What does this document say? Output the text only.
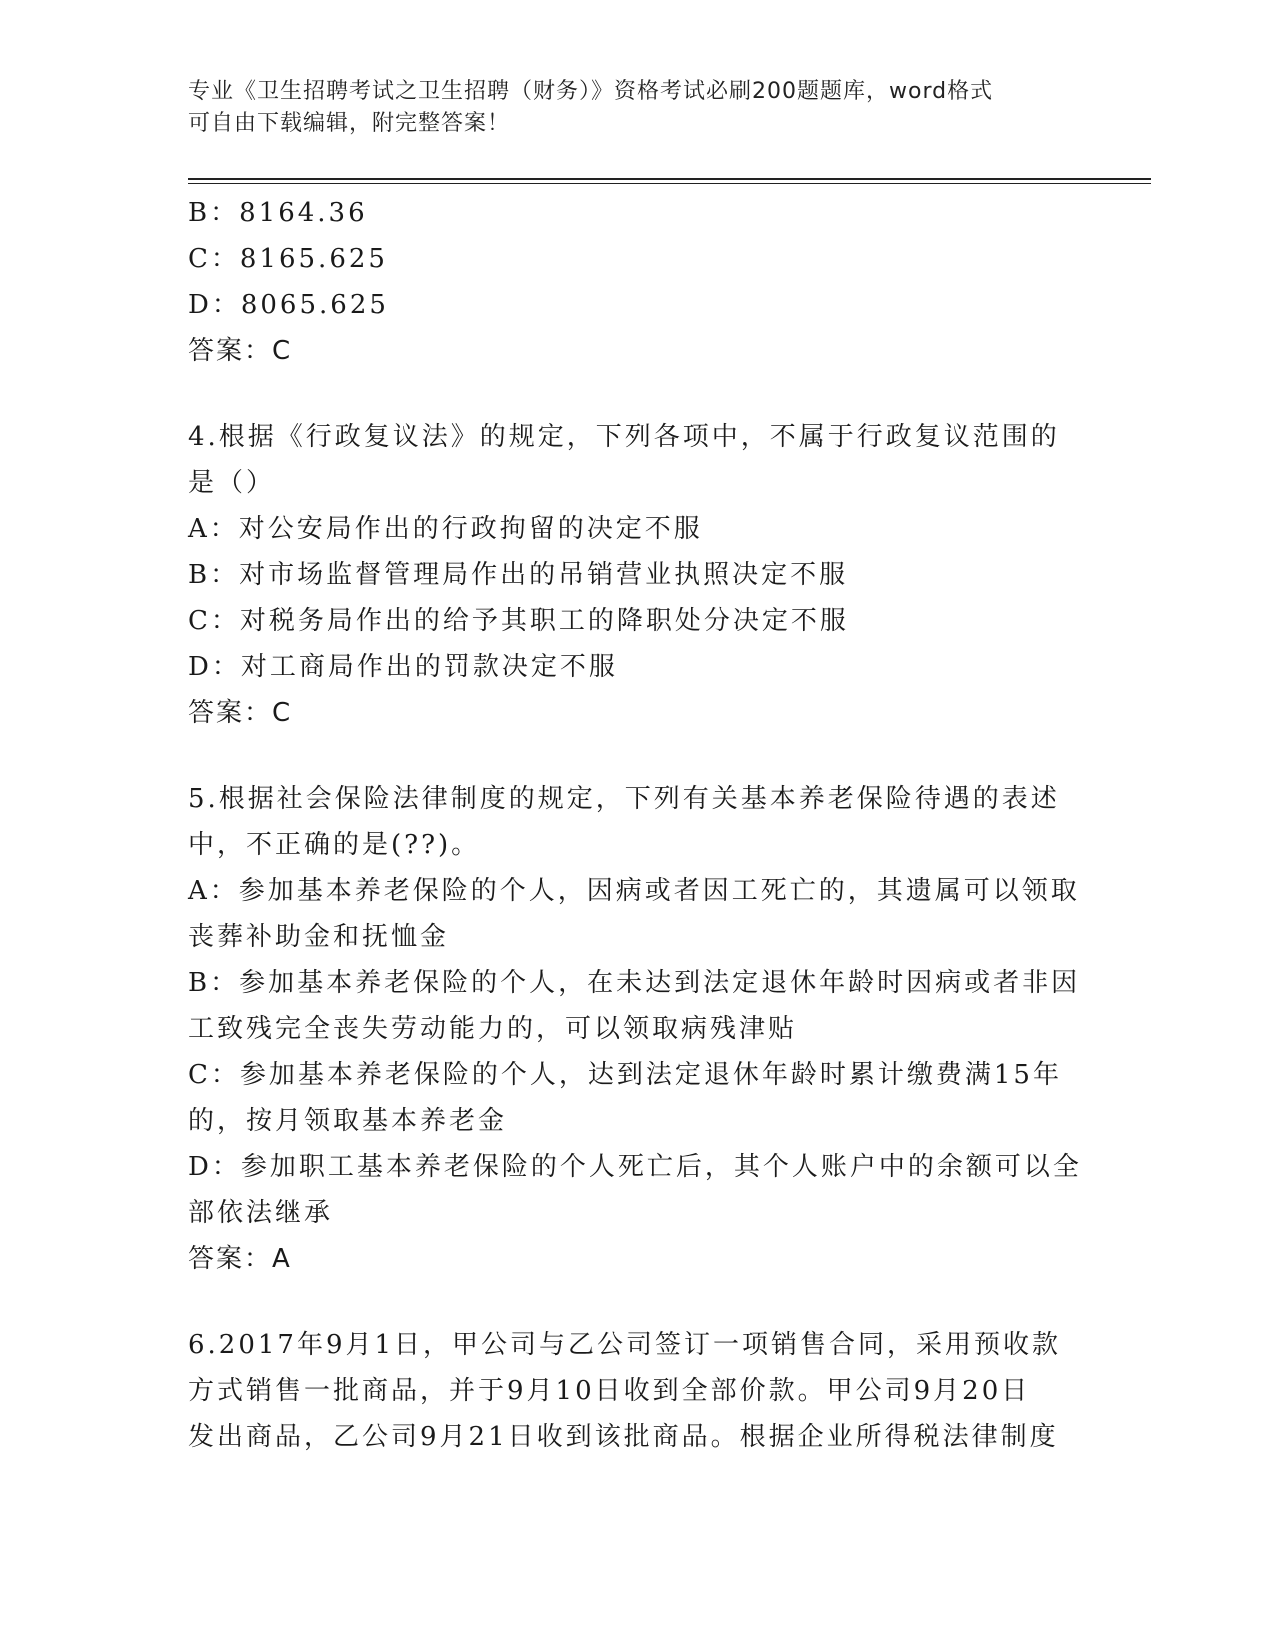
专业《卫生招聘考试之卫生招聘（财务）》资格考试必刷200题题库，word格式
可自由下载编辑，附完整答案！
B：8164.36
C：8165.625
D：8065.625
答案：C
4.根据《行政复议法》的规定，下列各项中，不属于行政复议范围的
是（）
A：对公安局作出的行政拘留的决定不服
B：对市场监督管理局作出的吊销营业执照决定不服
C：对税务局作出的给予其职工的降职处分决定不服
D：对工商局作出的罚款决定不服
答案：C
5.根据社会保险法律制度的规定，下列有关基本养老保险待遇的表述
中，不正确的是(??)。
A：参加基本养老保险的个人，因病或者因工死亡的，其遗属可以领取
丧葬补助金和抚恤金
B：参加基本养老保险的个人，在未达到法定退休年龄时因病或者非因
工致残完全丧失劳动能力的，可以领取病残津贴
C：参加基本养老保险的个人，达到法定退休年龄时累计缴费满15年
的，按月领取基本养老金
D：参加职工基本养老保险的个人死亡后，其个人账户中的余额可以全
部依法继承
答案：A
6.2017年9月1日，甲公司与乙公司签订一项销售合同，采用预收款
方式销售一批商品，并于9月10日收到全部价款。甲公司9月20日
发出商品，乙公司9月21日收到该批商品。根据企业所得税法律制度
